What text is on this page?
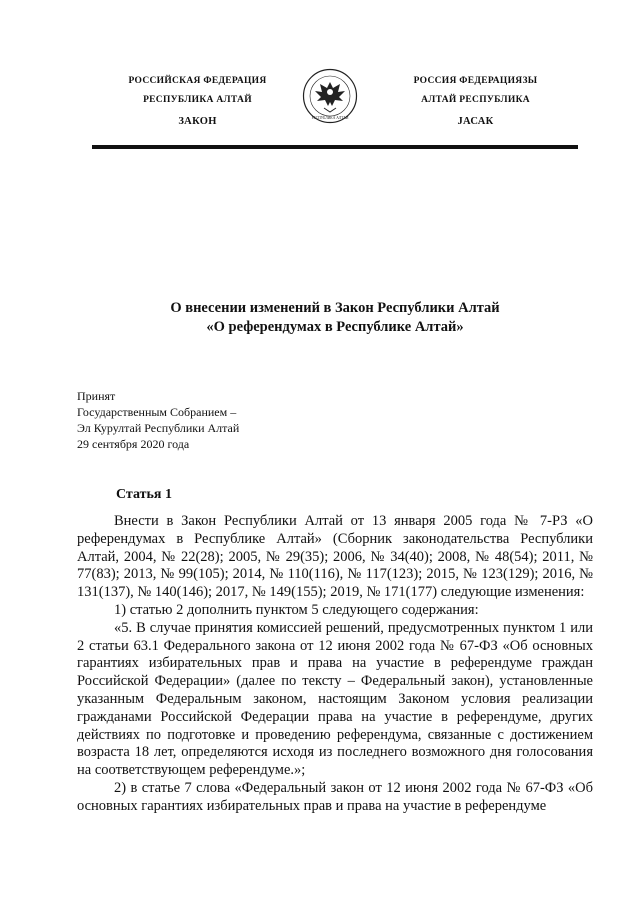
РОССИЙСКАЯ ФЕДЕРАЦИЯ
РЕСПУБЛИКА АЛТАЙ
ЗАКОН	РЕСПУБЛИКА АЛТАЙ
РОССИЯ ФЕДЕРАЦИЯЗЫ
АЛТАЙ РЕСПУБЛИКА
JАСАК
О внесении изменений в Закон Республики Алтай
«О референдумах в Республике Алтай»
Принят
Государственным Собранием –
Эл Курултай Республики Алтай
29 сентября 2020 года
Статья 1

Внести в Закон Республики Алтай от 13 января 2005 года № 7-РЗ «О референдумах в Республике Алтай» (Сборник законодательства Республики Алтай, 2004, № 22(28); 2005, № 29(35); 2006, № 34(40); 2008, № 48(54); 2011, № 77(83); 2013, № 99(105); 2014, № 110(116), № 117(123); 2015, № 123(129); 2016, № 131(137), № 140(146); 2017, № 149(155); 2019, № 171(177) следующие изменения:

1) статью 2 дополнить пунктом 5 следующего содержания:

«5. В случае принятия комиссией решений, предусмотренных пунктом 1 или 2 статьи 63.1 Федерального закона от 12 июня 2002 года № 67-ФЗ «Об основных гарантиях избирательных прав и права на участие в референдуме граждан Российской Федерации» (далее по тексту – Федеральный закон), установленные указанным Федеральным законом, настоящим Законом условия реализации гражданами Российской Федерации права на участие в референдуме, других действиях по подготовке и проведению референдума, связанные с достижением возраста 18 лет, определяются исходя из последнего возможного дня голосования на соответствующем референдуме.»;

2) в статье 7 слова «Федеральный закон от 12 июня 2002 года № 67-ФЗ «Об основных гарантиях избирательных прав и права на участие в референдуме
